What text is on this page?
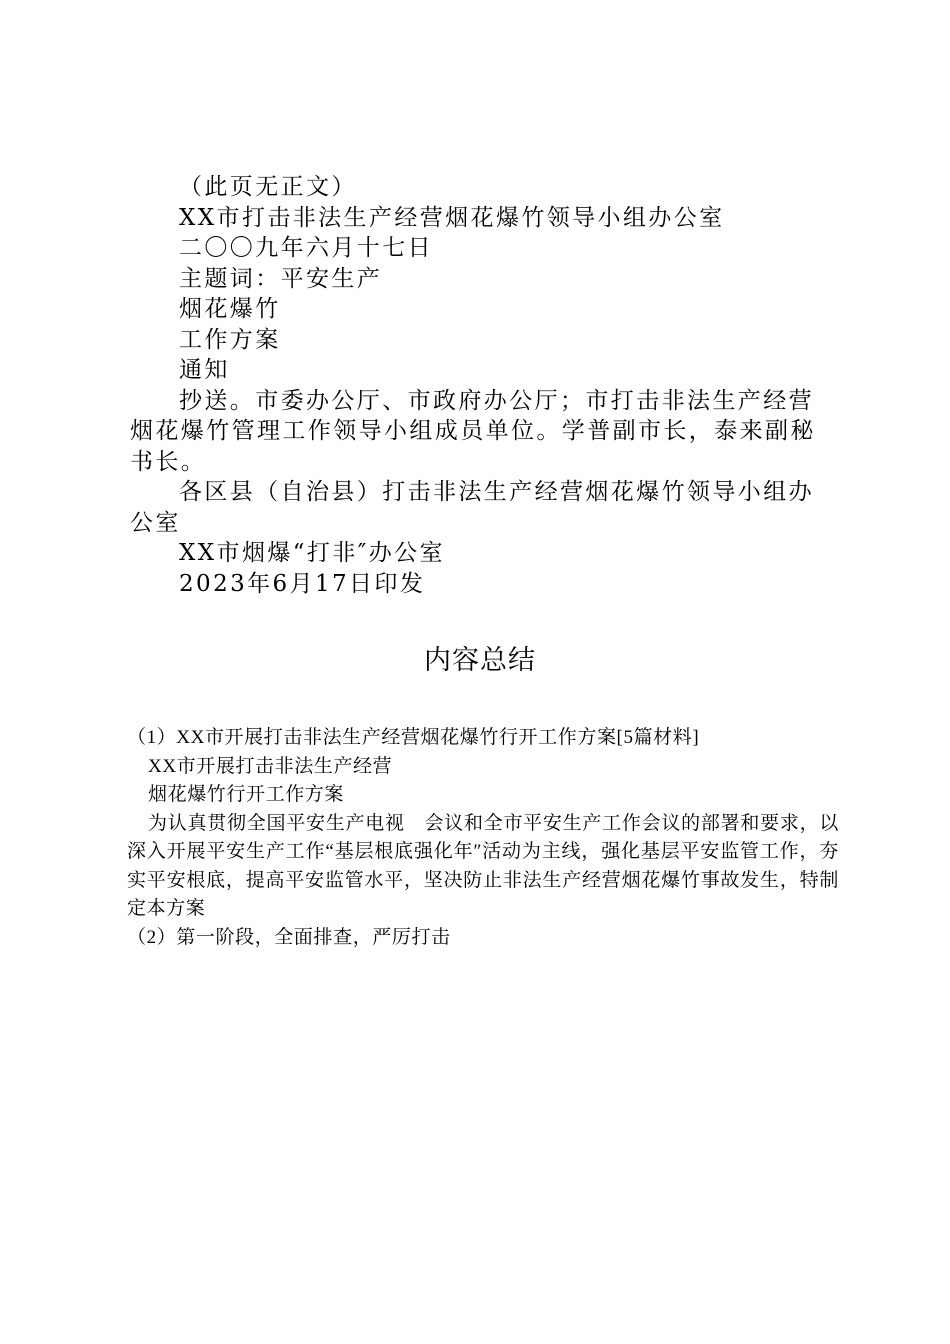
（此页无正文）

XX市打击非法生产经营烟花爆竹领导小组办公室

二〇〇九年六月十七日

主题词：平安生产

烟花爆竹

工作方案

通知

抄送。市委办公厅、市政府办公厅；市打击非法生产经营烟花爆竹管理工作领导小组成员单位。学普副市长，泰来副秘书长。

各区县（自治县）打击非法生产经营烟花爆竹领导小组办公室

XX市烟爆“打非″办公室

2023年6月17日印发

内容总结

（1）XX市开展打击非法生产经营烟花爆竹行开工作方案[5篇材料]

XX市开展打击非法生产经营

烟花爆竹行开工作方案

为认真贯彻全国平安生产电视　会议和全市平安生产工作会议的部署和要求，以深入开展平安生产工作“基层根底强化年″活动为主线，强化基层平安监管工作，夯实平安根底，提高平安监管水平，坚决防止非法生产经营烟花爆竹事故发生，特制定本方案

（2）第一阶段，全面排查，严厉打击
